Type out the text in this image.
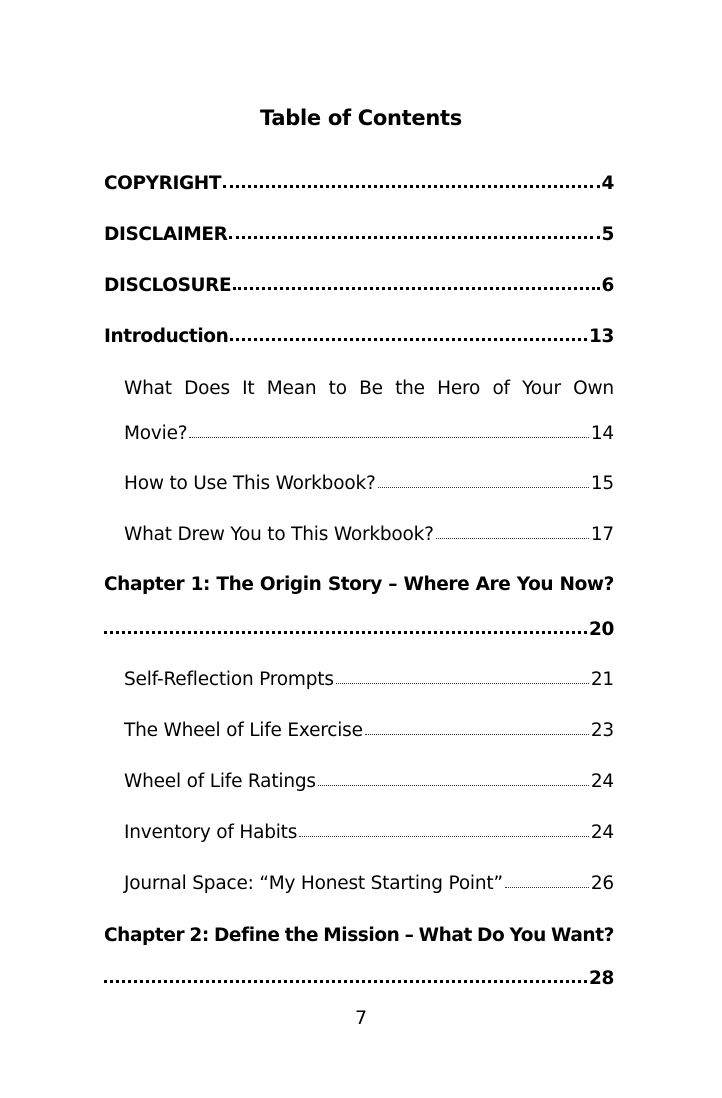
Table of Contents
COPYRIGHT	4
DISCLAIMER	5
DISCLOSURE	6
Introduction	13
What Does It Mean to Be the Hero of Your Own
Movie?	14
How to Use This Workbook?	15
What Drew You to This Workbook?	17
Chapter 1: The Origin Story – Where Are You Now?
20
Self-Reflection Prompts	21
The Wheel of Life Exercise	23
Wheel of Life Ratings	24
Inventory of Habits	24
Journal Space: “My Honest Starting Point”	26
Chapter 2: Define the Mission – What Do You Want?
28
7
